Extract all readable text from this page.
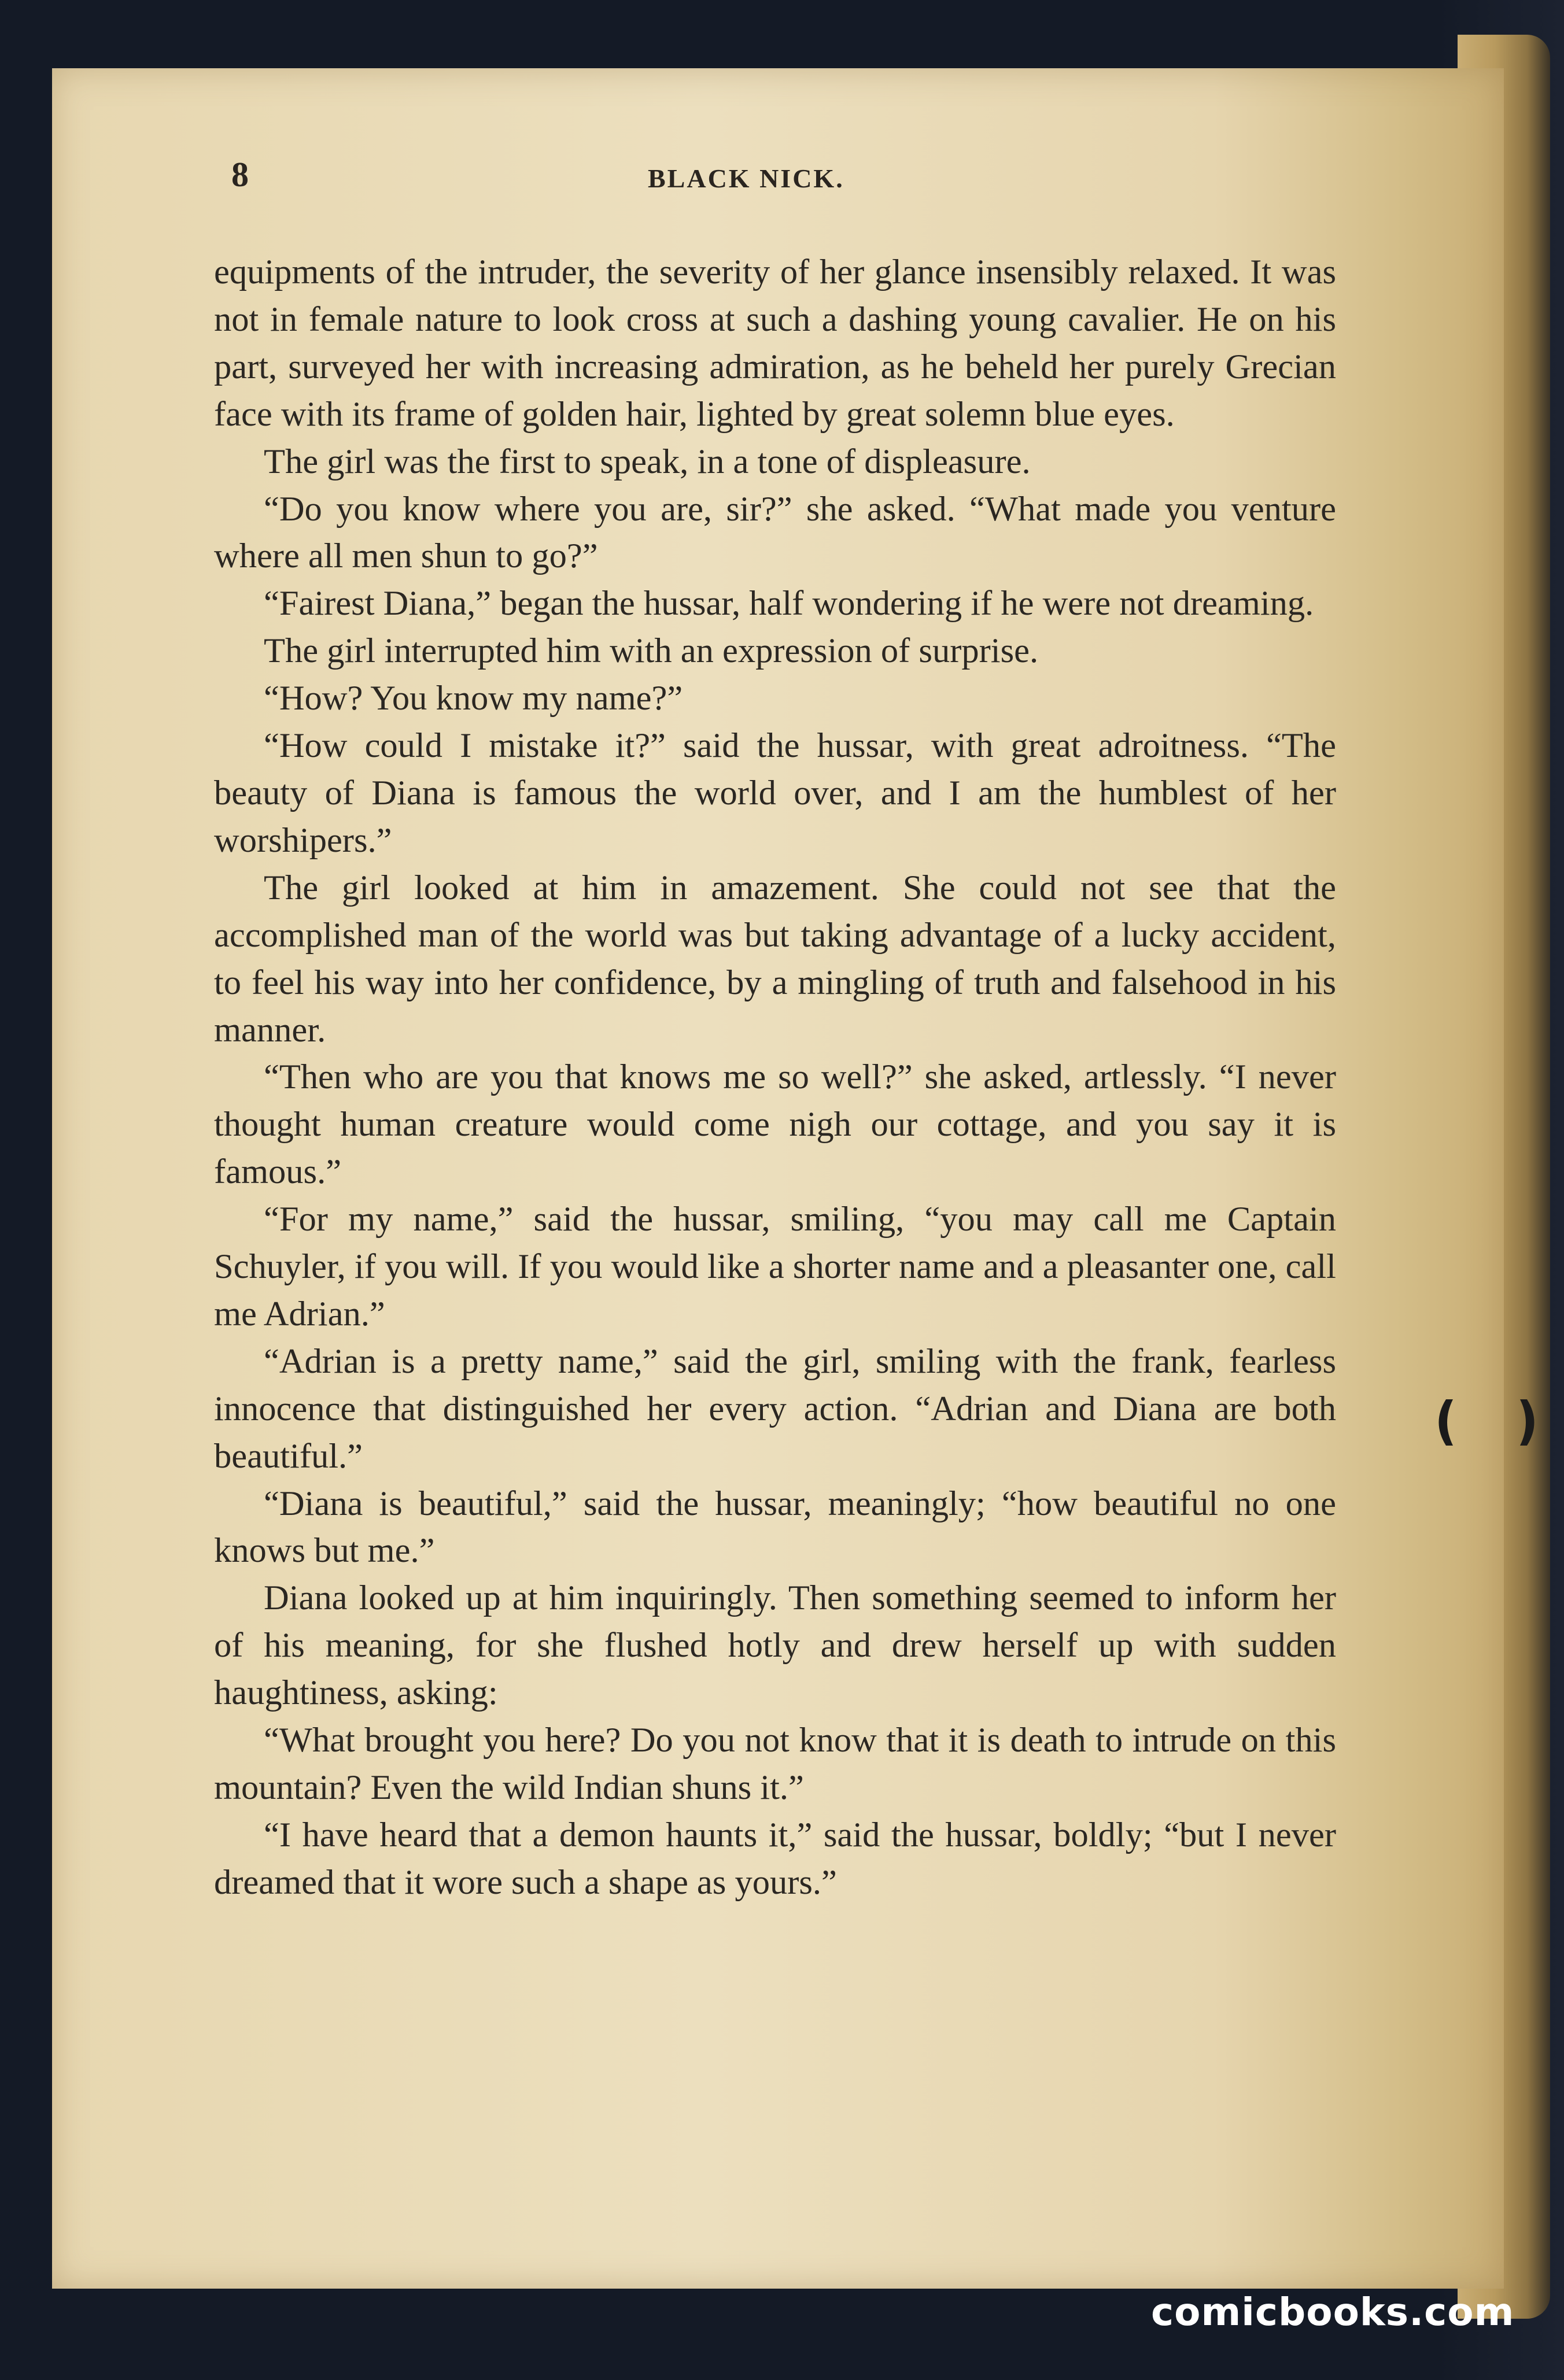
8	BLACK NICK.

equipments of the intruder, the severity of her glance insensibly relaxed. It was not in female nature to look cross at such a dashing young cavalier. He on his part, surveyed her with increasing admiration, as he beheld her purely Grecian face with its frame of golden hair, lighted by great solemn blue eyes.

The girl was the first to speak, in a tone of displeasure.

“Do you know where you are, sir?” she asked. “What made you venture where all men shun to go?”

“Fairest Diana,” began the hussar, half wondering if he were not dreaming.

The girl interrupted him with an expression of surprise.

“How? You know my name?”

“How could I mistake it?” said the hussar, with great adroitness. “The beauty of Diana is famous the world over, and I am the humblest of her worshipers.”

The girl looked at him in amazement. She could not see that the accomplished man of the world was but taking advantage of a lucky accident, to feel his way into her confidence, by a mingling of truth and falsehood in his manner.

“Then who are you that knows me so well?” she asked, artlessly. “I never thought human creature would come nigh our cottage, and you say it is famous.”

“For my name,” said the hussar, smiling, “you may call me Captain Schuyler, if you will. If you would like a shorter name and a pleasanter one, call me Adrian.”

“Adrian is a pretty name,” said the girl, smiling with the frank, fearless innocence that distinguished her every action. “Adrian and Diana are both beautiful.”

“Diana is beautiful,” said the hussar, meaningly; “how beautiful no one knows but me.”

Diana looked up at him inquiringly. Then something seemed to inform her of his meaning, for she flushed hotly and drew herself up with sudden haughtiness, asking:

“What brought you here? Do you not know that it is death to intrude on this mountain? Even the wild Indian shuns it.”

“I have heard that a demon haunts it,” said the hussar, boldly; “but I never dreamed that it wore such a shape as yours.”

comicbooks.com
